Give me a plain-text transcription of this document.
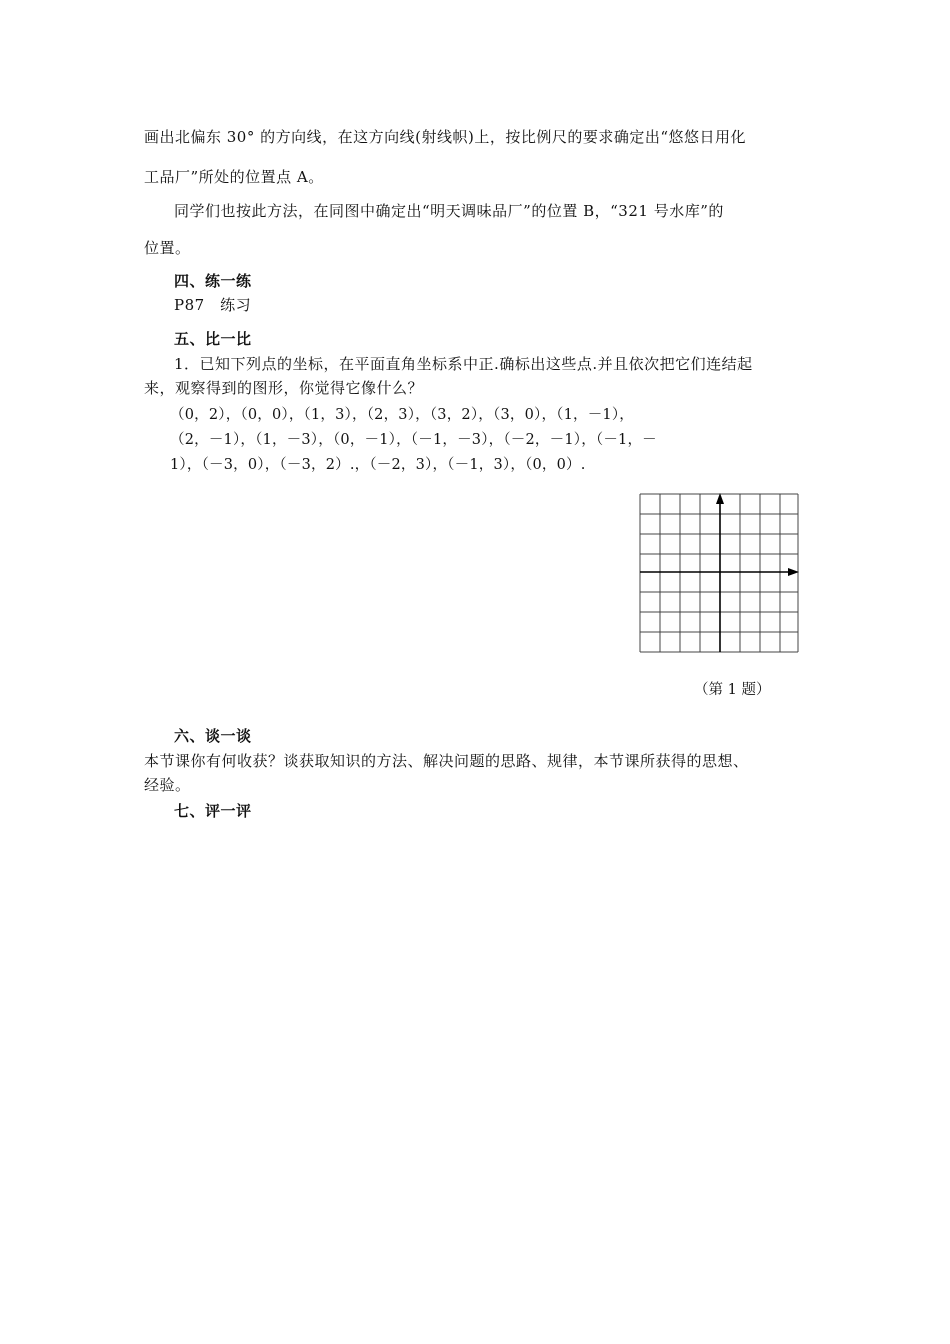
画出北偏东 30° 的方向线，在这方向线(射线帜)上，按比例尺的要求确定出“悠悠日用化
工品厂”所处的位置点 A。
同学们也按此方法，在同图中确定出“明天调味品厂”的位置 B，“321 号水库”的
位置。
四、练一练
P87　练习
五、比一比
1．已知下列点的坐标，在平面直角坐标系中正.确标出这些点.并且依次把它们连结起
来，观察得到的图形，你觉得它像什么？
（0，2），（0，0），（1，3），（2，3），（3，2），（3，0），（1，－1），
（2，－1），（1，－3），（0，－1），（－1，－3），（－2，－1），（－1，－
1），（－3，0），（－3，2）.，（－2，3），（－1，3），（0，0）.
（第 1 题）
六、谈一谈
本节课你有何收获？谈获取知识的方法、解决问题的思路、规律，本节课所获得的思想、
经验。
七、评一评
